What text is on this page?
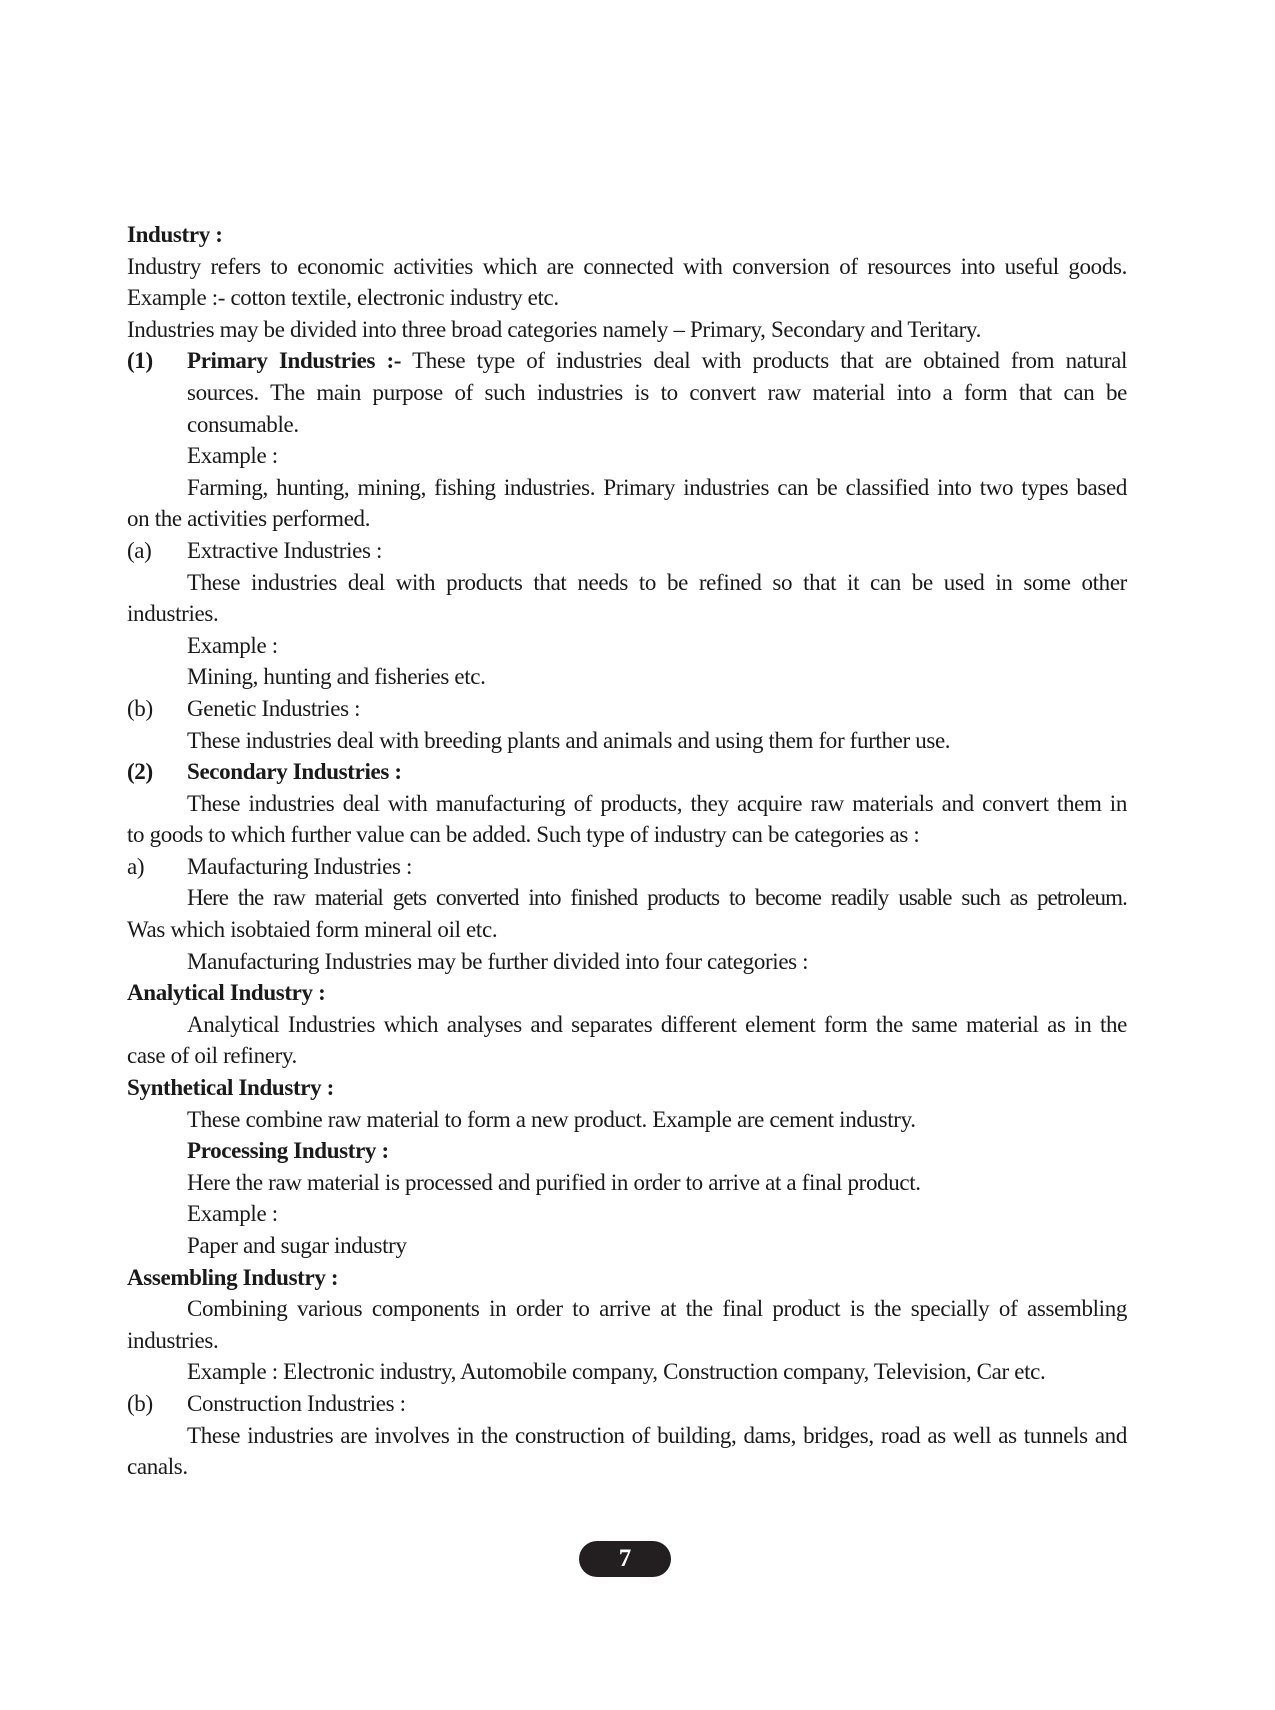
Industry :

Industry refers to economic activities which are connected with conversion of resources into useful goods.

Example :- cotton textile, electronic industry etc.

Industries may be divided into three broad categories namely – Primary, Secondary and Teritary.

(1)	Primary Industries :- These type of industries deal with products that are obtained from natural

sources. The main purpose of such industries is to convert raw material into a form that can be

consumable.

Example :

Farming, hunting, mining, fishing industries. Primary industries can be classified into two types based

on the activities performed.

(a) Extractive Industries :

These industries deal with products that needs to be refined so that it can be used in some other

industries.

Example :

Mining, hunting and fisheries etc.

(b) Genetic Industries :

These industries deal with breeding plants and animals and using them for further use.

(2) Secondary Industries :

These industries deal with manufacturing of products, they acquire raw materials and convert them in

to goods to which further value can be added. Such type of industry can be categories as :

a) Maufacturing Industries :

Here the raw material gets converted into finished products to become readily usable such as petroleum.

Was which isobtaied form mineral oil etc.

Manufacturing Industries may be further divided into four categories :

Analytical Industry :

Analytical Industries which analyses and separates different element form the same material as in the

case of oil refinery.

Synthetical Industry :

These combine raw material to form a new product. Example are cement industry.

Processing Industry :

Here the raw material is processed and purified in order to arrive at a final product.

Example :

Paper and sugar industry

Assembling Industry :

Combining various components in order to arrive at the final product is the specially of assembling

industries.

Example : Electronic industry, Automobile company, Construction company, Television, Car etc.

(b) Construction Industries :

These industries are involves in the construction of building, dams, bridges, road as well as tunnels and

canals.

7
